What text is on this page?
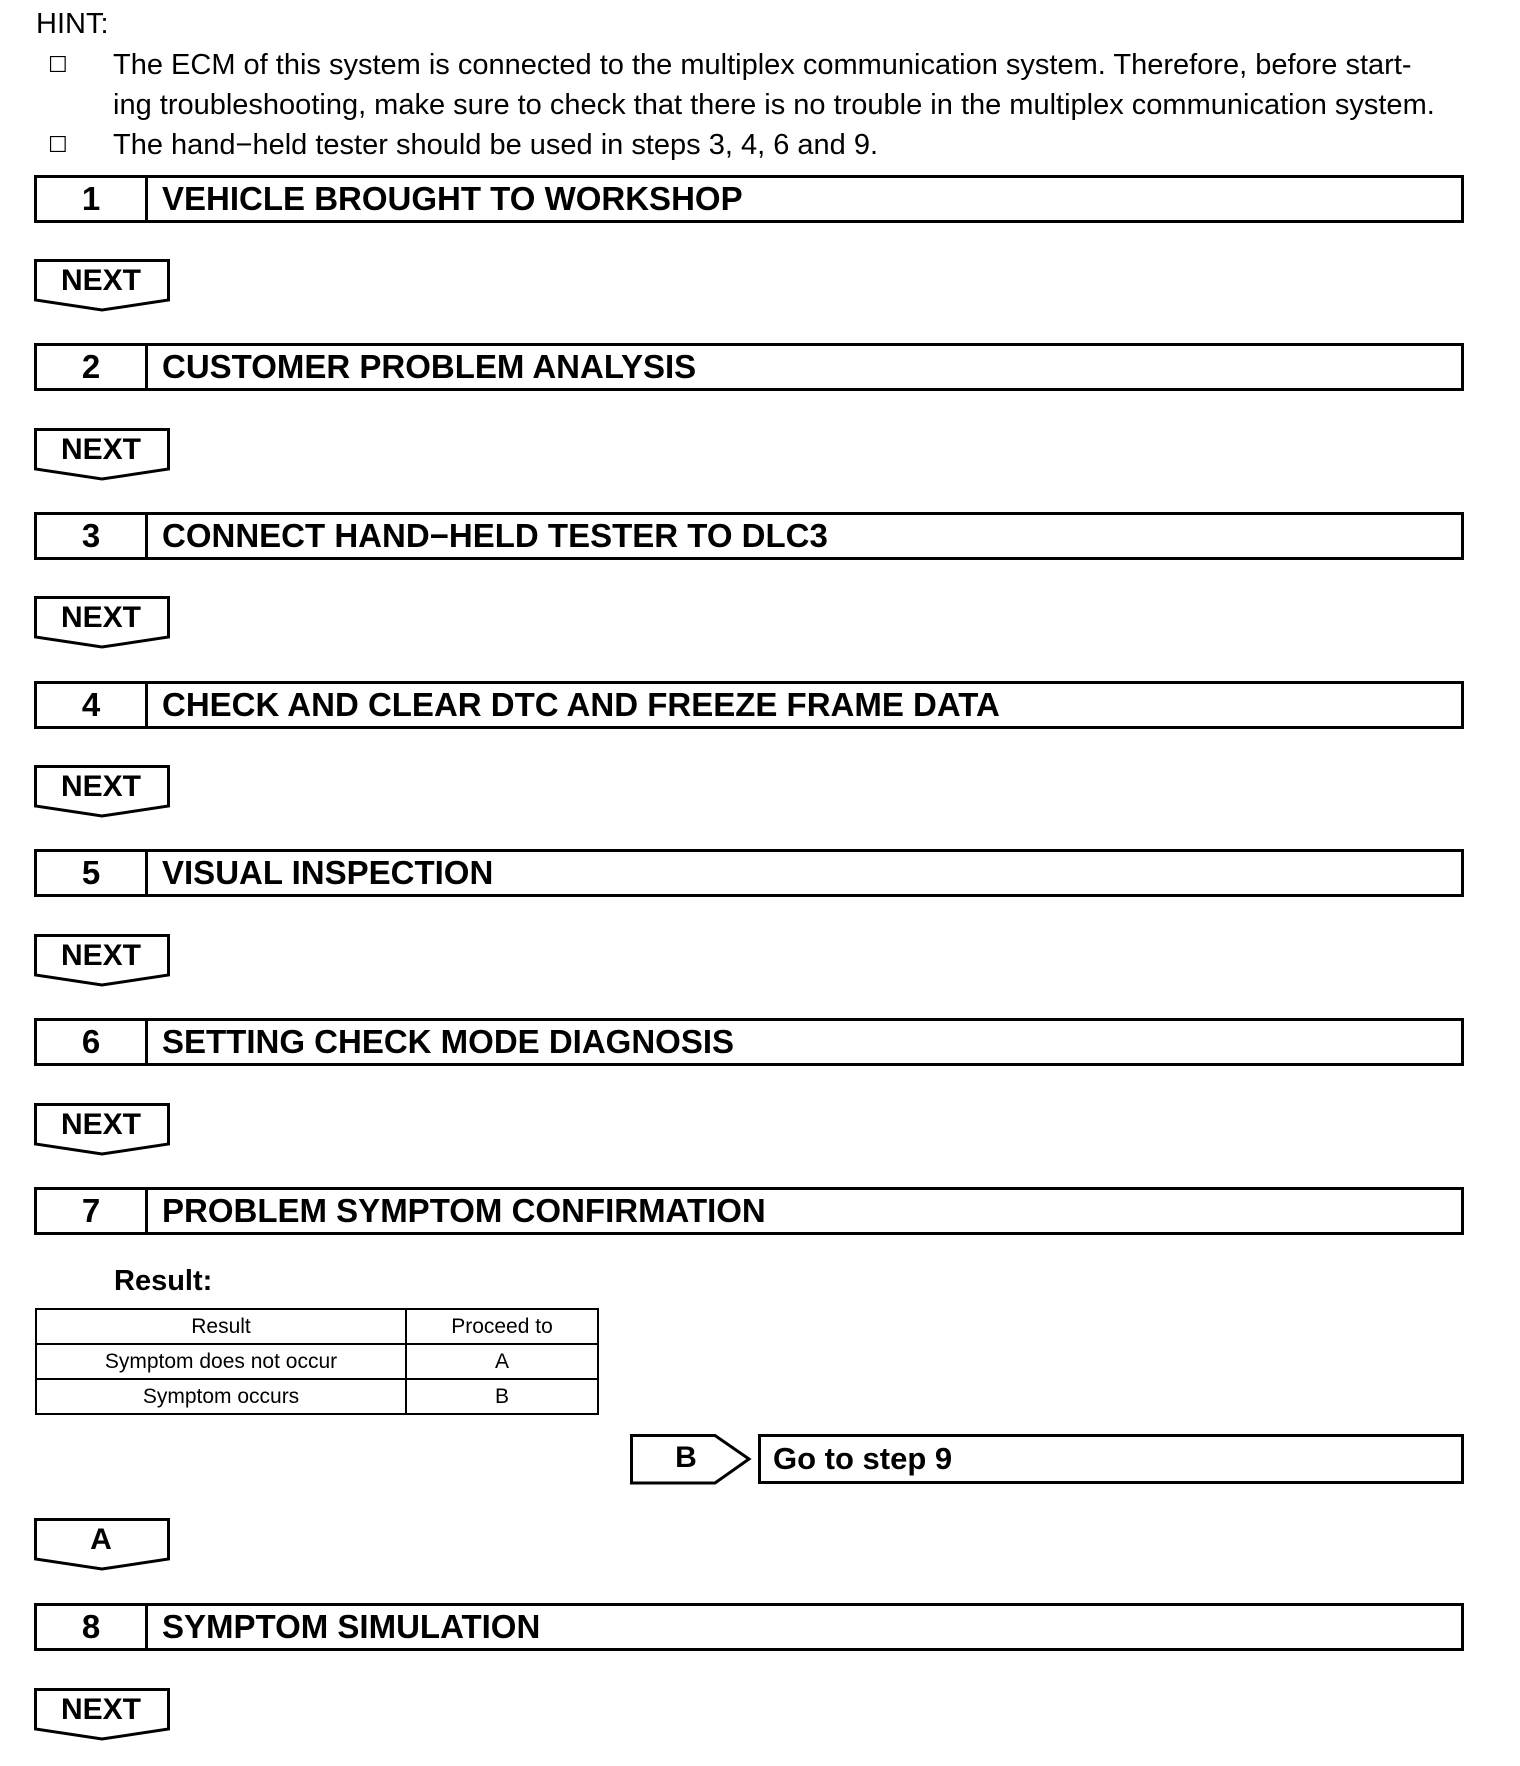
HINT:
☐ The ECM of this system is connected to the multiplex communication system. Therefore, before start-
ing troubleshooting, make sure to check that there is no trouble in the multiplex communication system.
☐ The hand−held tester should be used in steps 3, 4, 6 and 9.
1	VEHICLE BROUGHT TO WORKSHOP
NEXT
2	CUSTOMER PROBLEM ANALYSIS
NEXT
3	CONNECT HAND−HELD TESTER TO DLC3
NEXT
4	CHECK AND CLEAR DTC AND FREEZE FRAME DATA
NEXT
5	VISUAL INSPECTION
NEXT
6	SETTING CHECK MODE DIAGNOSIS
NEXT
7	PROBLEM SYMPTOM CONFIRMATION
Result:
Result	Proceed to
Symptom does not occur	A
Symptom occurs	B
B	Go to step 9
A
8	SYMPTOM SIMULATION
NEXT
